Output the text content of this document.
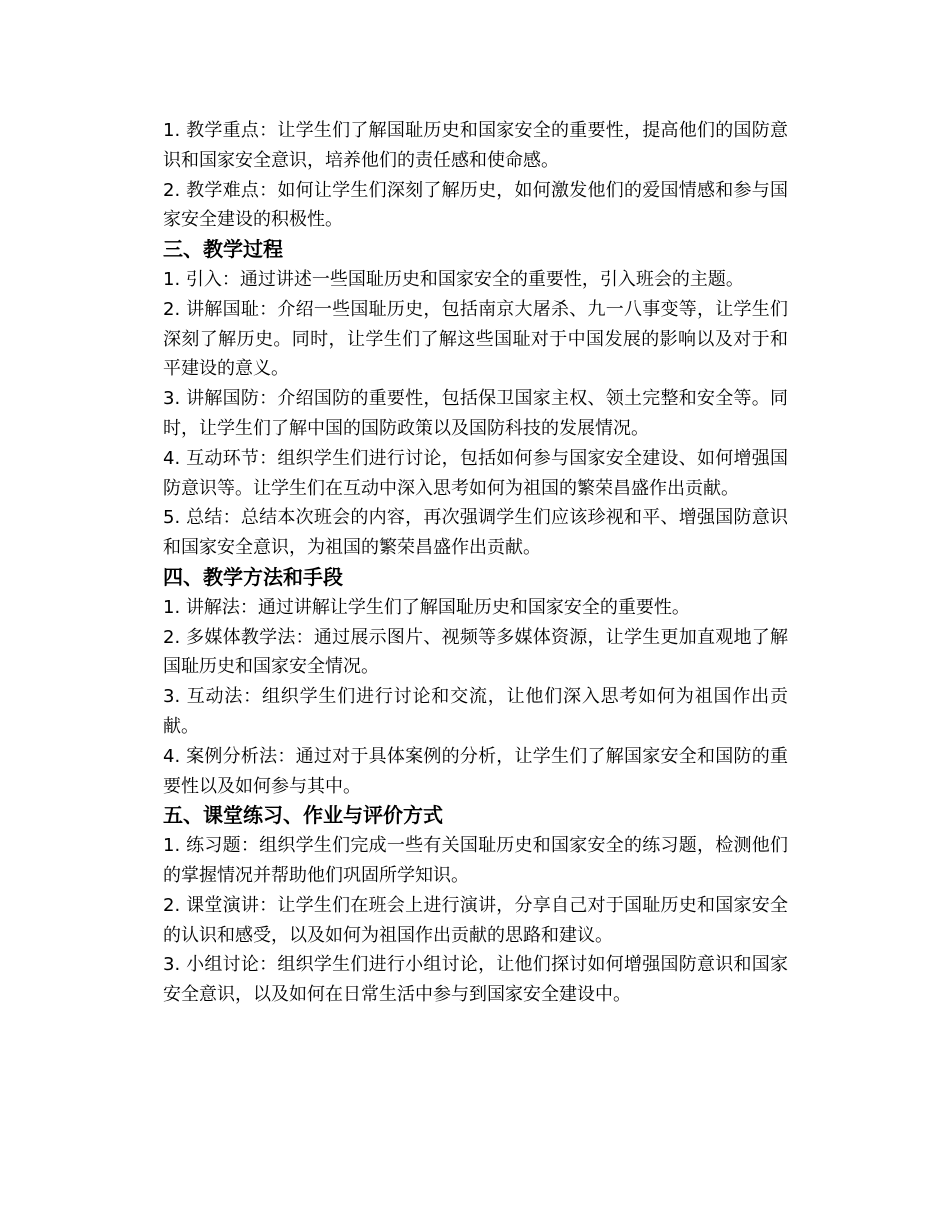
1. 教学重点：让学生们了解国耻历史和国家安全的重要性，提高他们的国防意识和国家安全意识，培养他们的责任感和使命感。

2. 教学难点：如何让学生们深刻了解历史，如何激发他们的爱国情感和参与国家安全建设的积极性。

三、教学过程

1. 引入：通过讲述一些国耻历史和国家安全的重要性，引入班会的主题。

2. 讲解国耻：介绍一些国耻历史，包括南京大屠杀、九一八事变等，让学生们深刻了解历史。同时，让学生们了解这些国耻对于中国发展的影响以及对于和平建设的意义。

3. 讲解国防：介绍国防的重要性，包括保卫国家主权、领土完整和安全等。同时，让学生们了解中国的国防政策以及国防科技的发展情况。

4. 互动环节：组织学生们进行讨论，包括如何参与国家安全建设、如何增强国防意识等。让学生们在互动中深入思考如何为祖国的繁荣昌盛作出贡献。

5. 总结：总结本次班会的内容，再次强调学生们应该珍视和平、增强国防意识和国家安全意识，为祖国的繁荣昌盛作出贡献。

四、教学方法和手段

1. 讲解法：通过讲解让学生们了解国耻历史和国家安全的重要性。

2. 多媒体教学法：通过展示图片、视频等多媒体资源，让学生更加直观地了解国耻历史和国家安全情况。

3. 互动法：组织学生们进行讨论和交流，让他们深入思考如何为祖国作出贡献。

4. 案例分析法：通过对于具体案例的分析，让学生们了解国家安全和国防的重要性以及如何参与其中。

五、课堂练习、作业与评价方式

1. 练习题：组织学生们完成一些有关国耻历史和国家安全的练习题，检测他们的掌握情况并帮助他们巩固所学知识。

2. 课堂演讲：让学生们在班会上进行演讲，分享自己对于国耻历史和国家安全的认识和感受，以及如何为祖国作出贡献的思路和建议。

3. 小组讨论：组织学生们进行小组讨论，让他们探讨如何增强国防意识和国家安全意识，以及如何在日常生活中参与到国家安全建设中。
